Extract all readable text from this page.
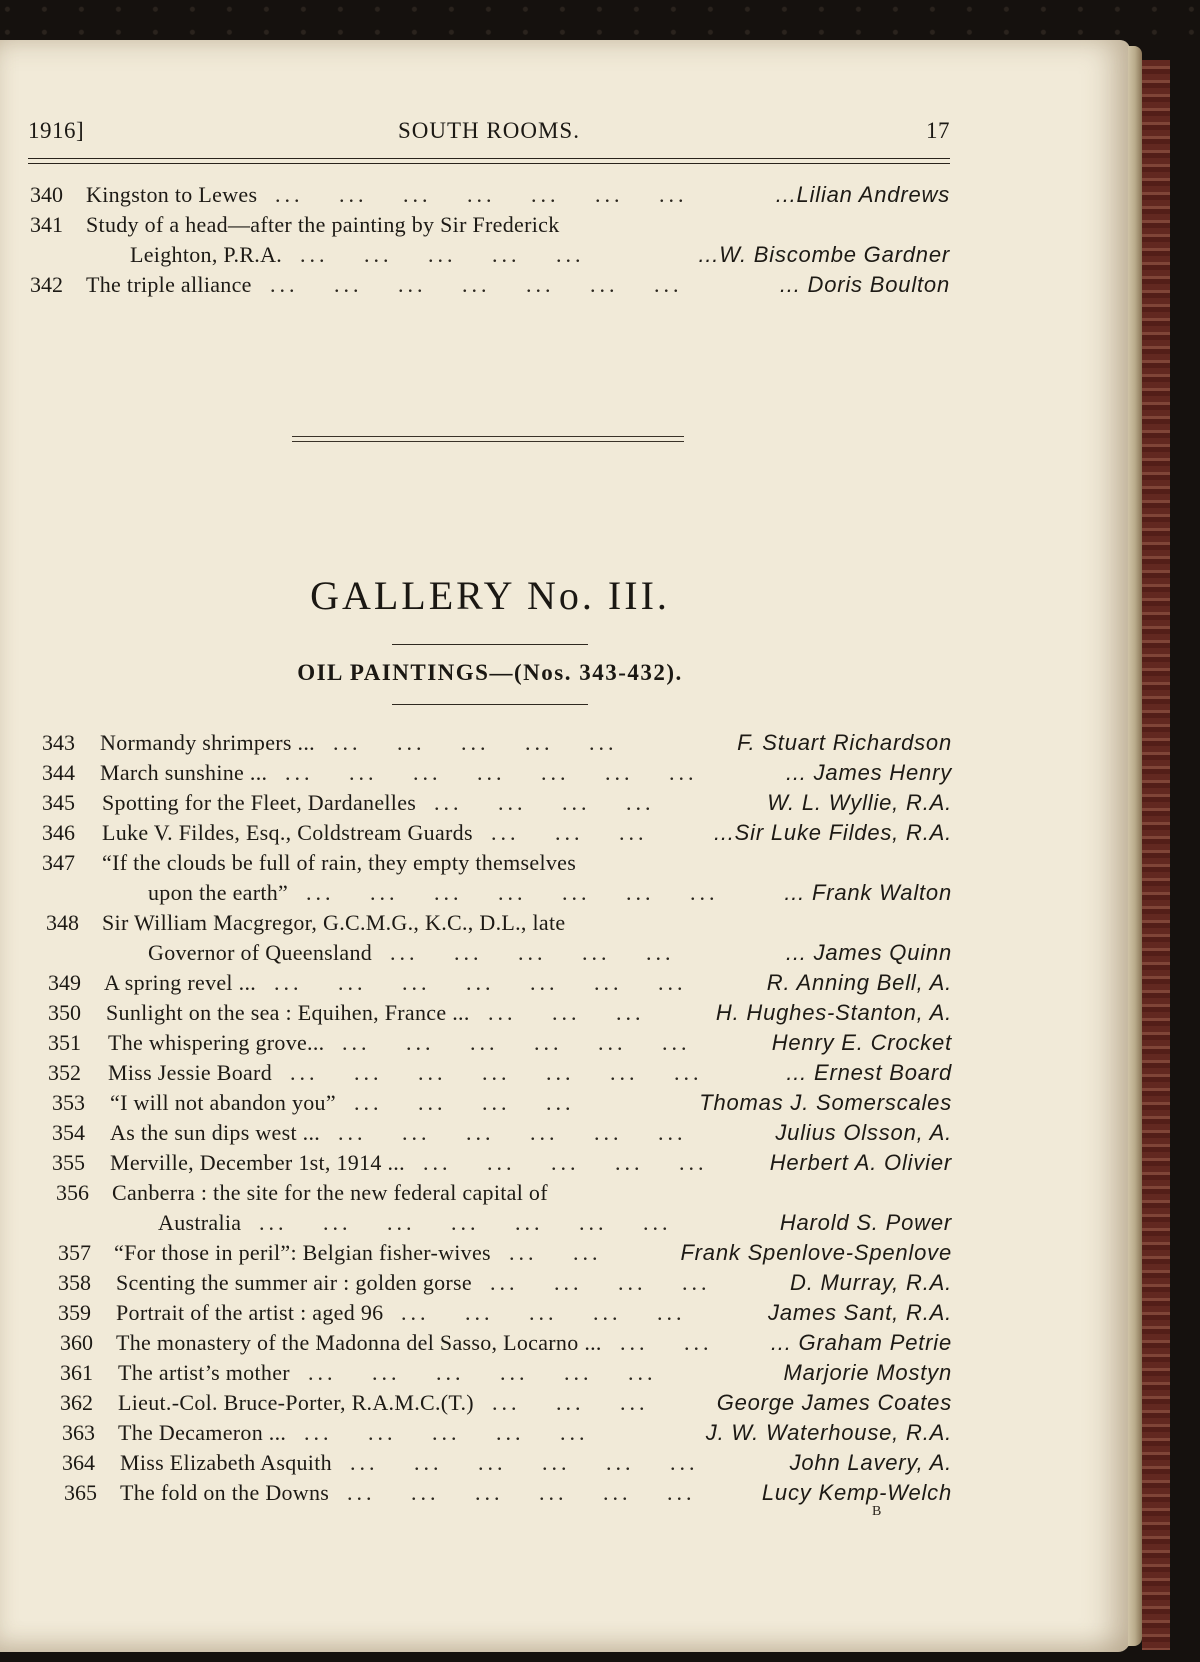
1916]	SOUTH ROOMS.	17
GALLERY No. III.
OIL PAINTINGS—(Nos. 343-432).
340 Kingston to Lewes	...Lilian Andrews
...  ...  ...  ...  ...  ...  ... 
341 Study of a head—after the painting by Sir Frederick
Leighton, P.R.A.	...W. Biscombe Gardner
...  ...  ...  ...  ... 
342 The triple alliance	... Doris Boulton
...  ...  ...  ...  ...  ...  ... 
343 Normandy shrimpers ...	F. Stuart Richardson
...  ...  ...  ...  ... 
344 March sunshine ...	... James Henry
...  ...  ...  ...  ...  ...  ... 
345 Spotting for the Fleet, Dardanelles	W. L. Wyllie, R.A.
...  ...  ...  ... 
346 Luke V. Fildes, Esq., Coldstream Guards	...Sir Luke Fildes, R.A.
...  ...  ... 
347 “If the clouds be full of rain, they empty themselves
upon the earth”	... Frank Walton
...  ...  ...  ...  ...  ...  ... 
348 Sir William Macgregor, G.C.M.G., K.C., D.L., late
Governor of Queensland	... James Quinn
...  ...  ...  ...  ... 
349 A spring revel ...	R. Anning Bell, A.
...  ...  ...  ...  ...  ...  ... 
350 Sunlight on the sea : Equihen, France ...	H. Hughes-Stanton, A.
...  ...  ... 
351 The whispering grove...	Henry E. Crocket
...  ...  ...  ...  ...  ... 
352 Miss Jessie Board	... Ernest Board
...  ...  ...  ...  ...  ...  ... 
353 “I will not abandon you”	Thomas J. Somerscales
...  ...  ...  ... 
354 As the sun dips west ...	Julius Olsson, A.
...  ...  ...  ...  ...  ... 
355 Merville, December 1st, 1914 ...	Herbert A. Olivier
...  ...  ...  ...  ... 
356 Canberra : the site for the new federal capital of
Australia	Harold S. Power
...  ...  ...  ...  ...  ...  ... 
357 “For those in peril”: Belgian fisher-wives	Frank Spenlove-Spenlove
...  ... 
358 Scenting the summer air : golden gorse	D. Murray, R.A.
...  ...  ...  ... 
359 Portrait of the artist : aged 96	James Sant, R.A.
...  ...  ...  ...  ... 
360 The monastery of the Madonna del Sasso, Locarno ...	... Graham Petrie
...  ... 
361 The artist’s mother	Marjorie Mostyn
...  ...  ...  ...  ...  ... 
362 Lieut.-Col. Bruce-Porter, R.A.M.C.(T.)	George James Coates
...  ...  ... 
363 The Decameron ...	J. W. Waterhouse, R.A.
...  ...  ...  ...  ... 
364 Miss Elizabeth Asquith	John Lavery, A.
...  ...  ...  ...  ...  ... 
365 The fold on the Downs	Lucy Kemp-Welch
...  ...  ...  ...  ...  ... 
B
